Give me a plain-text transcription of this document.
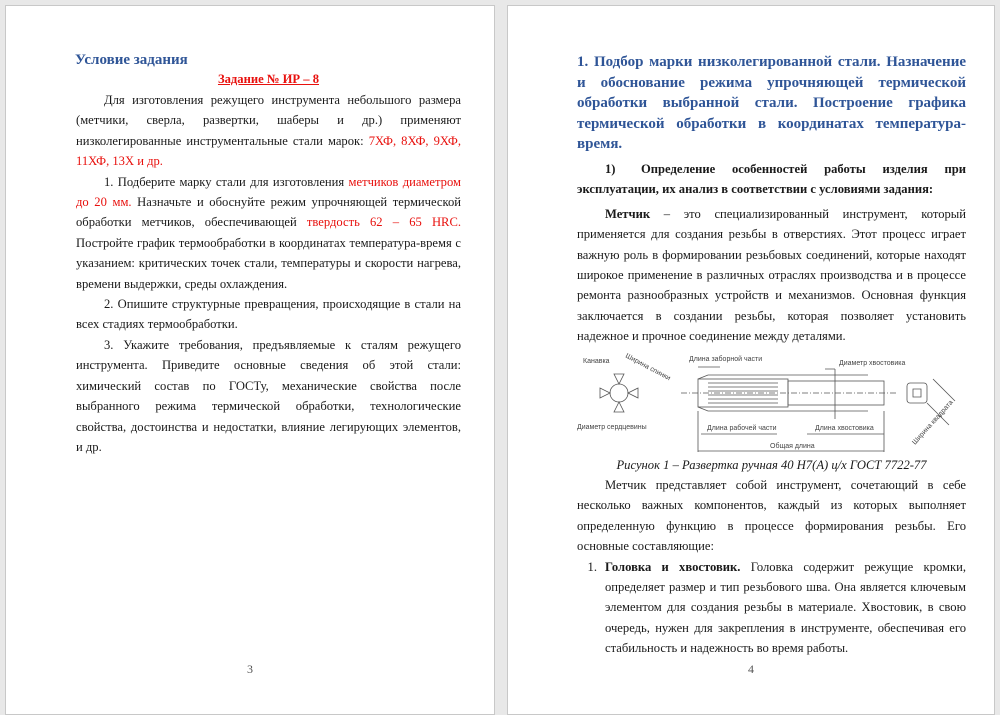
Условие задания
Задание № ИР – 8
Для изготовления режущего инструмента небольшого размера (метчики, сверла, развертки, шаберы и др.) применяют низколегированные инструментальные стали марок: 7ХФ, 8ХФ, 9ХФ, 11ХФ, 13Х и др.
1. Подберите марку стали для изготовления метчиков диаметром до 20 мм. Назначьте и обоснуйте режим упрочняющей термической обработки метчиков, обеспечивающей твердость 62 – 65 HRC. Постройте график термообработки в координатах температура-время с указанием: критических точек стали, температуры и скорости нагрева, времени выдержки, среды охлаждения.
2. Опишите структурные превращения, происходящие в стали на всех стадиях термообработки.
3. Укажите требования, предъявляемые к сталям режущего инструмента. Приведите основные сведения об этой стали: химический состав по ГОСТу, механические свойства после выбранного режима термической обработки, технологические свойства, достоинства и недостатки, влияние легирующих элементов, и др.
3
1. Подбор марки низколегированной стали. Назначение и обоснование режима упрочняющей термической обработки выбранной стали. Построение графика термической обработки в координатах температура-время.
1) Определение особенностей работы изделия при эксплуатации, их анализ в соответствии с условиями задания:
Метчик – это специализированный инструмент, который применяется для создания резьбы в отверстиях. Этот процесс играет важную роль в формировании резьбовых соединений, которые находят широкое применение в различных отраслях производства и в процессе ремонта разнообразных устройств и механизмов. Основная функция заключается в создании резьбы, которая позволяет установить надежное и прочное соединение между деталями.
Канавка Ширина спинки
Диаметр сердцевины
Длина заборной части
Диаметр хвостовика
Длина рабочей части	Длина хвостовика
Общая длина
Ширина квадрата
Рисунок 1 – Развертка ручная 40 Н7(А) ц/х ГОСТ 7722-77
Метчик представляет собой инструмент, сочетающий в себе несколько важных компонентов, каждый из которых выполняет определенную функцию в процессе формирования резьбы. Его основные составляющие:
1. Головка и хвостовик. Головка содержит режущие кромки, определяет размер и тип резьбового шва. Она является ключевым элементом для создания резьбы в материале. Хвостовик, в свою очередь, нужен для закрепления в инструменте, обеспечивая его стабильность и надежность во время работы.
4
